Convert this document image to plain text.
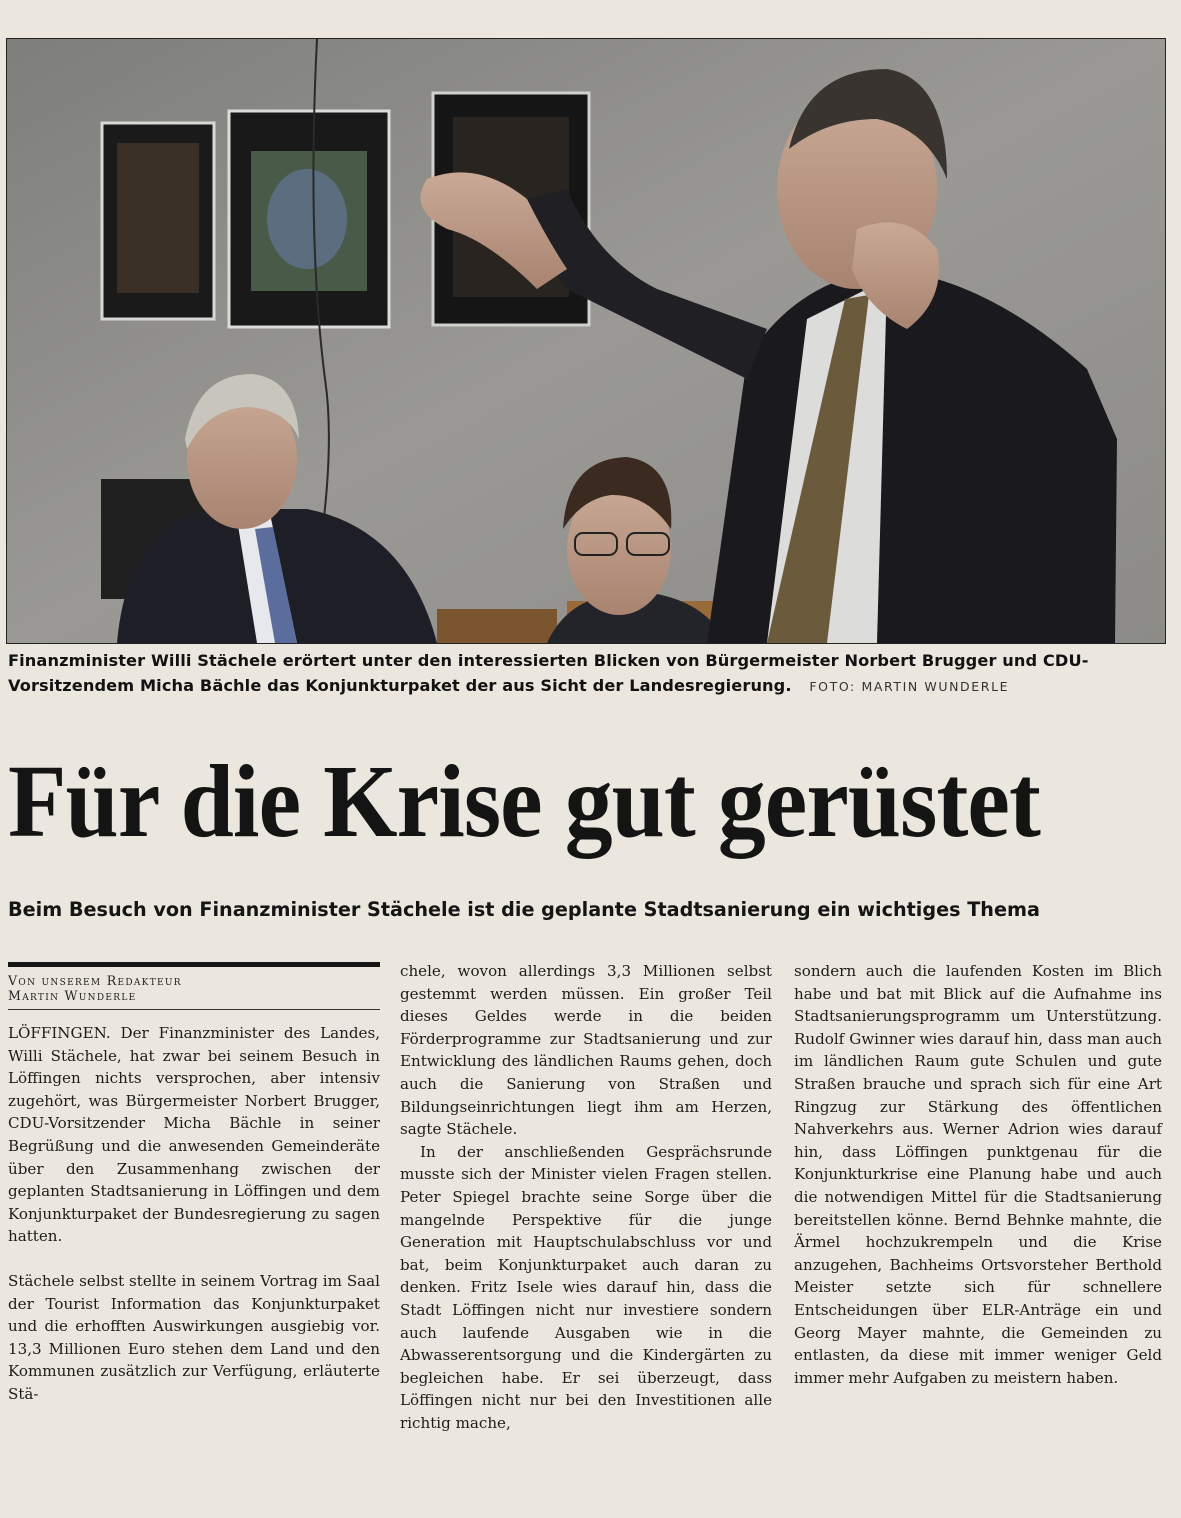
Finanzminister Willi Stächele erörtert unter den interessierten Blicken von Bürgermeister Norbert Brugger und CDU-Vorsitzendem Micha Bächle das Konjunkturpaket der aus Sicht der Landesregierung. FOTO: MARTIN WUNDERLE
Für die Krise gut gerüstet
Beim Besuch von Finanzminister Stächele ist die geplante Stadtsanierung ein wichtiges Thema
Von unserem Redakteur
Martin Wunderle

LÖFFINGEN. Der Finanzminister des Landes, Willi Stächele, hat zwar bei seinem Besuch in Löffingen nichts versprochen, aber intensiv zugehört, was Bürgermeister Norbert Brugger, CDU-Vorsitzender Micha Bächle in seiner Begrüßung und die anwesenden Gemeinderäte über den Zusammenhang zwischen der geplanten Stadtsanierung in Löffingen und dem Konjunkturpaket der Bundesregierung zu sagen hatten.

Stächele selbst stellte in seinem Vortrag im Saal der Tourist Information das Konjunkturpaket und die erhofften Auswirkungen ausgiebig vor. 13,3 Millionen Euro stehen dem Land und den Kommunen zusätzlich zur Verfügung, erläuterte Stä-

chele, wovon allerdings 3,3 Millionen selbst gestemmt werden müssen. Ein großer Teil dieses Geldes werde in die beiden Förderprogramme zur Stadtsanierung und zur Entwicklung des ländlichen Raums gehen, doch auch die Sanierung von Straßen und Bildungseinrichtungen liegt ihm am Herzen, sagte Stächele.

In der anschließenden Gesprächsrunde musste sich der Minister vielen Fragen stellen. Peter Spiegel brachte seine Sorge über die mangelnde Perspektive für die junge Generation mit Hauptschulabschluss vor und bat, beim Konjunkturpaket auch daran zu denken. Fritz Isele wies darauf hin, dass die Stadt Löffingen nicht nur investiere sondern auch laufende Ausgaben wie in die Abwasserentsorgung und die Kindergärten zu begleichen habe. Er sei überzeugt, dass Löffingen nicht nur bei den Investitionen alle richtig mache,

sondern auch die laufenden Kosten im Blich habe und bat mit Blick auf die Aufnahme ins Stadtsanierungsprogramm um Unterstützung. Rudolf Gwinner wies darauf hin, dass man auch im ländlichen Raum gute Schulen und gute Straßen brauche und sprach sich für eine Art Ringzug zur Stärkung des öffentlichen Nahverkehrs aus. Werner Adrion wies darauf hin, dass Löffingen punktgenau für die Konjunkturkrise eine Planung habe und auch die notwendigen Mittel für die Stadtsanierung bereitstellen könne. Bernd Behnke mahnte, die Ärmel hochzukrempeln und die Krise anzugehen, Bachheims Ortsvorsteher Berthold Meister setzte sich für schnellere Entscheidungen über ELR-Anträge ein und Georg Mayer mahnte, die Gemeinden zu entlasten, da diese mit immer weniger Geld immer mehr Aufgaben zu meistern haben.
